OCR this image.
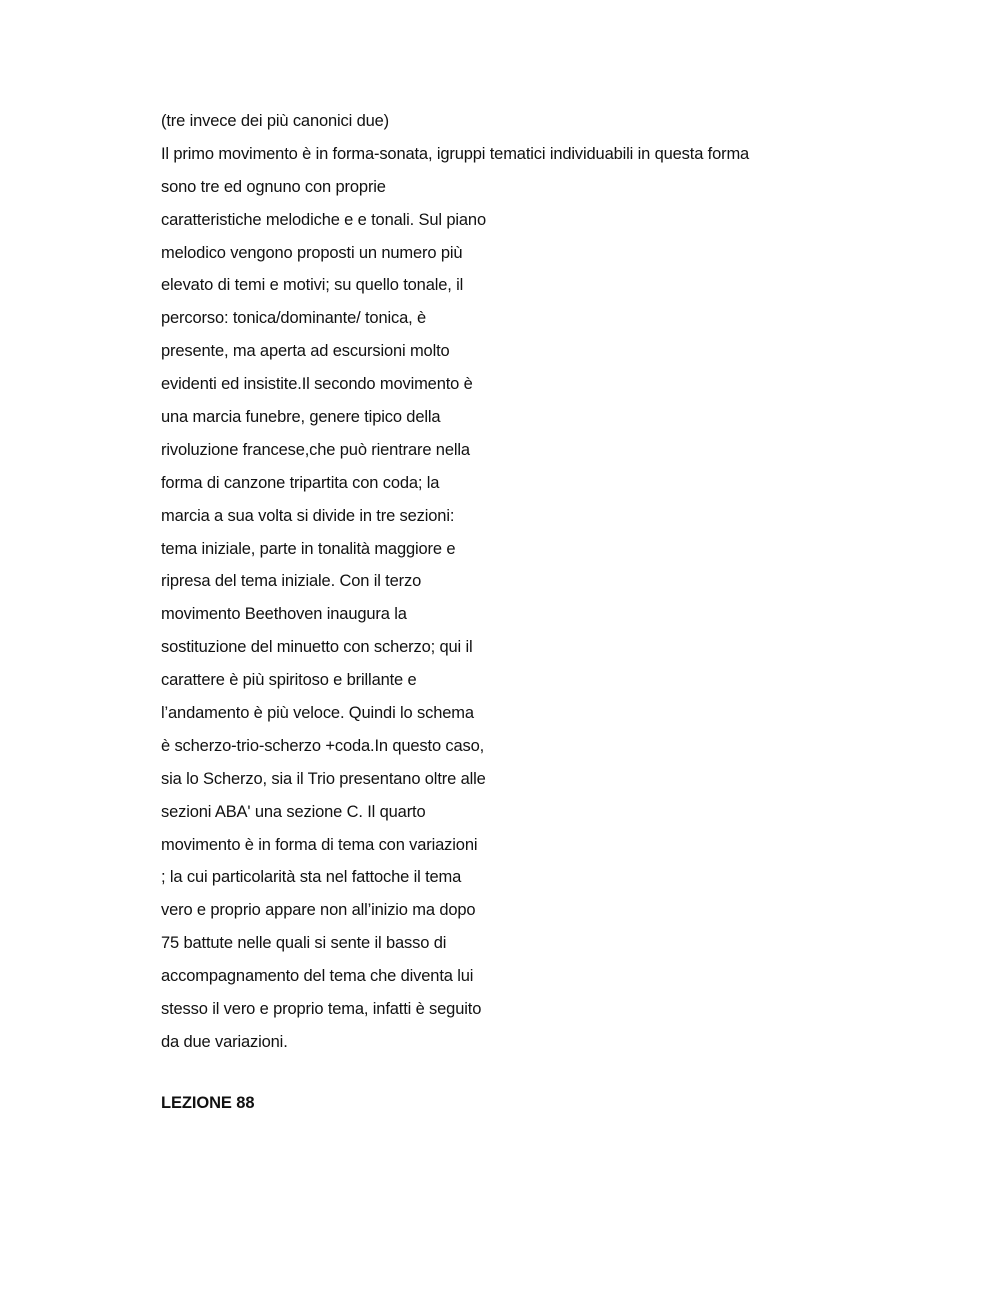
(tre invece dei più canonici due)
Il primo movimento è in forma-sonata, igruppi tematici individuabili in questa forma
sono tre ed ognuno con proprie
caratteristiche melodiche e e tonali. Sul piano
melodico vengono proposti un numero più
elevato di temi e motivi; su quello tonale, il
percorso: tonica/dominante/ tonica, è
presente, ma aperta ad escursioni molto
evidenti ed insistite.Il secondo movimento è
una marcia funebre, genere tipico della
rivoluzione francese,che può rientrare nella
forma di canzone tripartita con coda; la
marcia a sua volta si divide in tre sezioni:
tema iniziale, parte in tonalità maggiore e
ripresa del tema iniziale. Con il terzo
movimento Beethoven inaugura la
sostituzione del minuetto con scherzo; qui il
carattere è più spiritoso e brillante e
l’andamento è più veloce. Quindi lo schema
è scherzo-trio-scherzo +coda.In questo caso,
sia lo Scherzo, sia il Trio presentano oltre alle
sezioni ABA' una sezione C. Il quarto
movimento è in forma di tema con variazioni
; la cui particolarità sta nel fattoche il tema
vero e proprio appare non all’inizio ma dopo
75 battute nelle quali si sente il basso di
accompagnamento del tema che diventa lui
stesso il vero e proprio tema, infatti è seguito
da due variazioni.
LEZIONE 88
